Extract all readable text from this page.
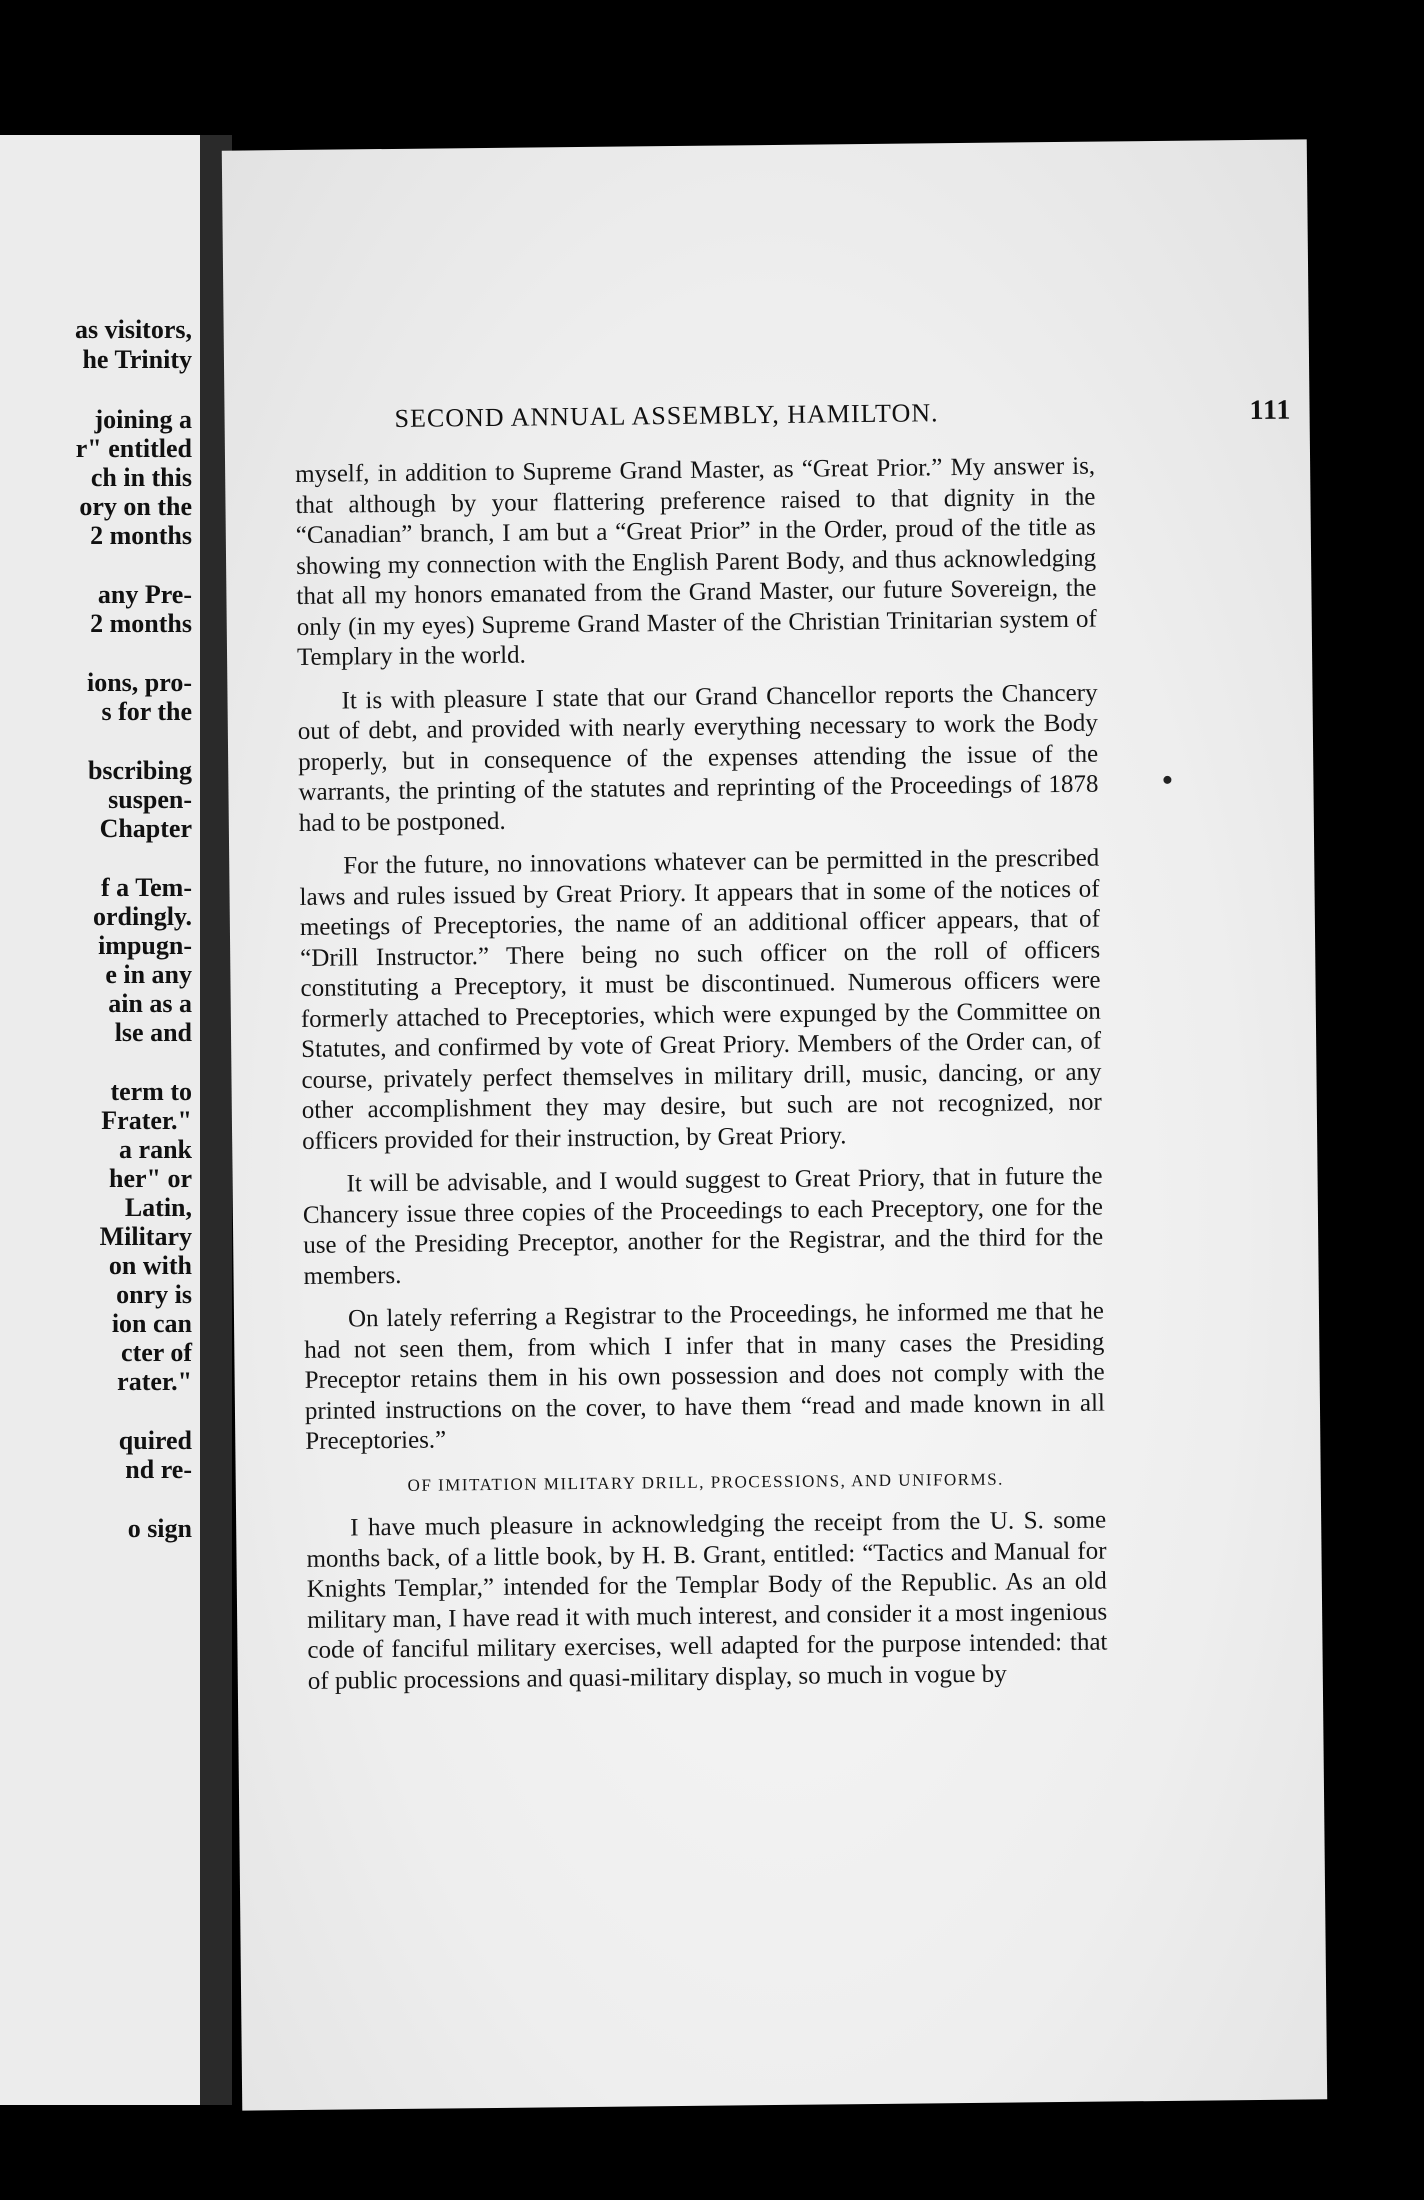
as visitors,
he Trinity
joining a
r" entitled
ch in this
ory on the
2 months
any Pre-
2 months
ions, pro-
s for the
bscribing
suspen-
Chapter
f a Tem-
ordingly.
impugn-
e in any
ain as a
lse and
term to
Frater."
a rank
her" or
Latin,
Military
on with
onry is
ion can
cter of
rater."
quired
nd re-
o sign
SECOND ANNUAL ASSEMBLY, HAMILTON.	111

myself, in addition to Supreme Grand Master, as “Great Prior.” My answer is, that although by your flattering preference raised to that dignity in the “Canadian” branch, I am but a “Great Prior” in the Order, proud of the title as showing my connection with the English Parent Body, and thus acknowledging that all my honors emanated from the Grand Master, our future Sovereign, the only (in my eyes) Supreme Grand Master of the Christian Trinitarian system of Templary in the world.

It is with pleasure I state that our Grand Chancellor reports the Chancery out of debt, and provided with nearly everything necessary to work the Body properly, but in consequence of the expenses attending the issue of the warrants, the printing of the statutes and reprinting of the Proceedings of 1878 had to be postponed.

For the future, no innovations whatever can be permitted in the prescribed laws and rules issued by Great Priory. It appears that in some of the notices of meetings of Preceptories, the name of an additional officer appears, that of “Drill Instructor.” There being no such officer on the roll of officers constituting a Preceptory, it must be discontinued. Numerous officers were formerly attached to Preceptories, which were expunged by the Committee on Statutes, and confirmed by vote of Great Priory. Members of the Order can, of course, privately perfect themselves in military drill, music, dancing, or any other accomplishment they may desire, but such are not recognized, nor officers provided for their instruction, by Great Priory.

It will be advisable, and I would suggest to Great Priory, that in future the Chancery issue three copies of the Proceedings to each Preceptory, one for the use of the Presiding Preceptor, another for the Registrar, and the third for the members.

On lately referring a Registrar to the Proceedings, he informed me that he had not seen them, from which I infer that in many cases the Presiding Preceptor retains them in his own possession and does not comply with the printed instructions on the cover, to have them “read and made known in all Preceptories.”

OF IMITATION MILITARY DRILL, PROCESSIONS, AND UNIFORMS.

I have much pleasure in acknowledging the receipt from the U. S. some months back, of a little book, by H. B. Grant, entitled: “Tactics and Manual for Knights Templar,” intended for the Templar Body of the Republic. As an old military man, I have read it with much interest, and consider it a most ingenious code of fanciful military exercises, well adapted for the purpose intended: that of public processions and quasi-military display, so much in vogue by
